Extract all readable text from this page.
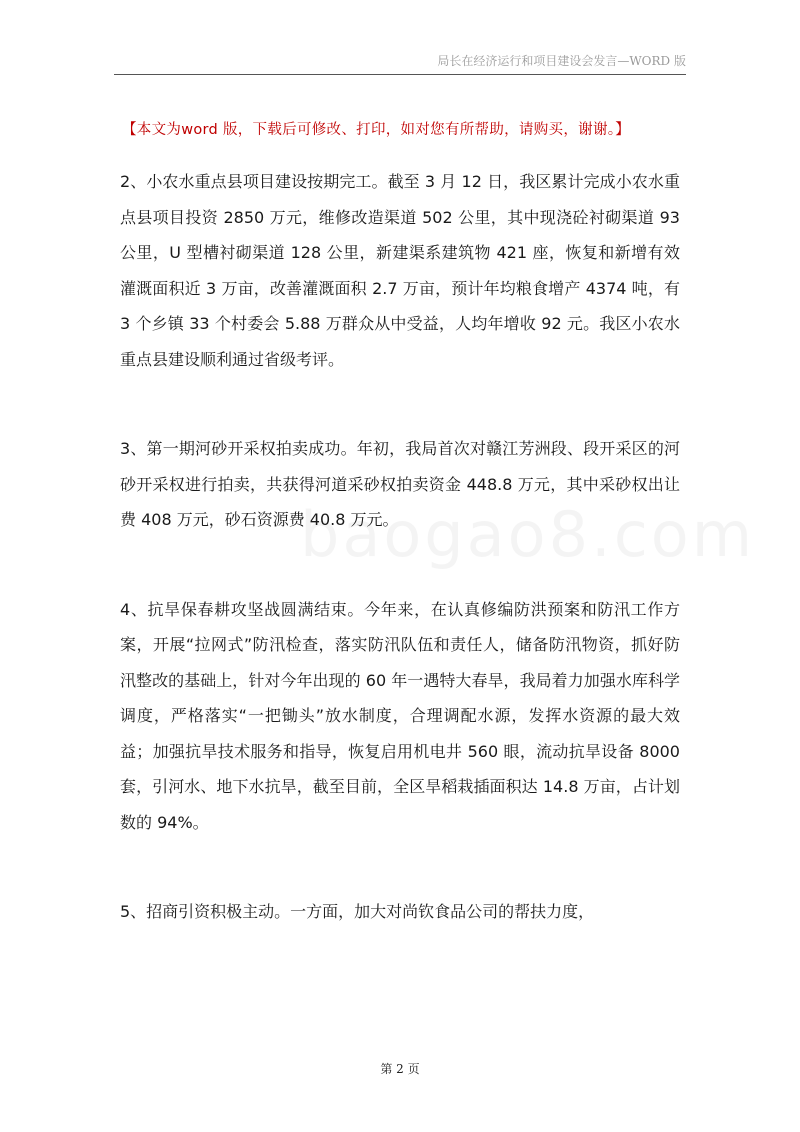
局长在经济运行和项目建设会发言—WORD 版
【本文为word 版，下载后可修改、打印，如对您有所帮助，请购买，谢谢。】

2、小农水重点县项目建设按期完工。截至 3 月 12 日，我区累计完成小农水重点县项目投资 2850 万元，维修改造渠道 502 公里，其中现浇砼衬砌渠道 93 公里，U 型槽衬砌渠道 128 公里，新建渠系建筑物 421 座，恢复和新增有效灌溉面积近 3 万亩，改善灌溉面积 2.7 万亩，预计年均粮食增产 4374 吨，有 3 个乡镇 33 个村委会 5.88 万群众从中受益，人均年增收 92 元。我区小农水重点县建设顺利通过省级考评。

3、第一期河砂开采权拍卖成功。年初，我局首次对赣江芳洲段、段开采区的河砂开采权进行拍卖，共获得河道采砂权拍卖资金 448.8 万元，其中采砂权出让费 408 万元，砂石资源费 40.8 万元。

4、抗旱保春耕攻坚战圆满结束。今年来，在认真修编防洪预案和防汛工作方案，开展“拉网式”防汛检查，落实防汛队伍和责任人，储备防汛物资，抓好防汛整改的基础上，针对今年出现的 60 年一遇特大春旱，我局着力加强水库科学调度，严格落实“一把锄头”放水制度，合理调配水源，发挥水资源的最大效益；加强抗旱技术服务和指导，恢复启用机电井 560 眼，流动抗旱设备 8000 套，引河水、地下水抗旱，截至目前，全区旱稻栽插面积达 14.8 万亩，占计划数的 94%。

5、招商引资积极主动。一方面，加大对尚钦食品公司的帮扶力度，

第 2 页
